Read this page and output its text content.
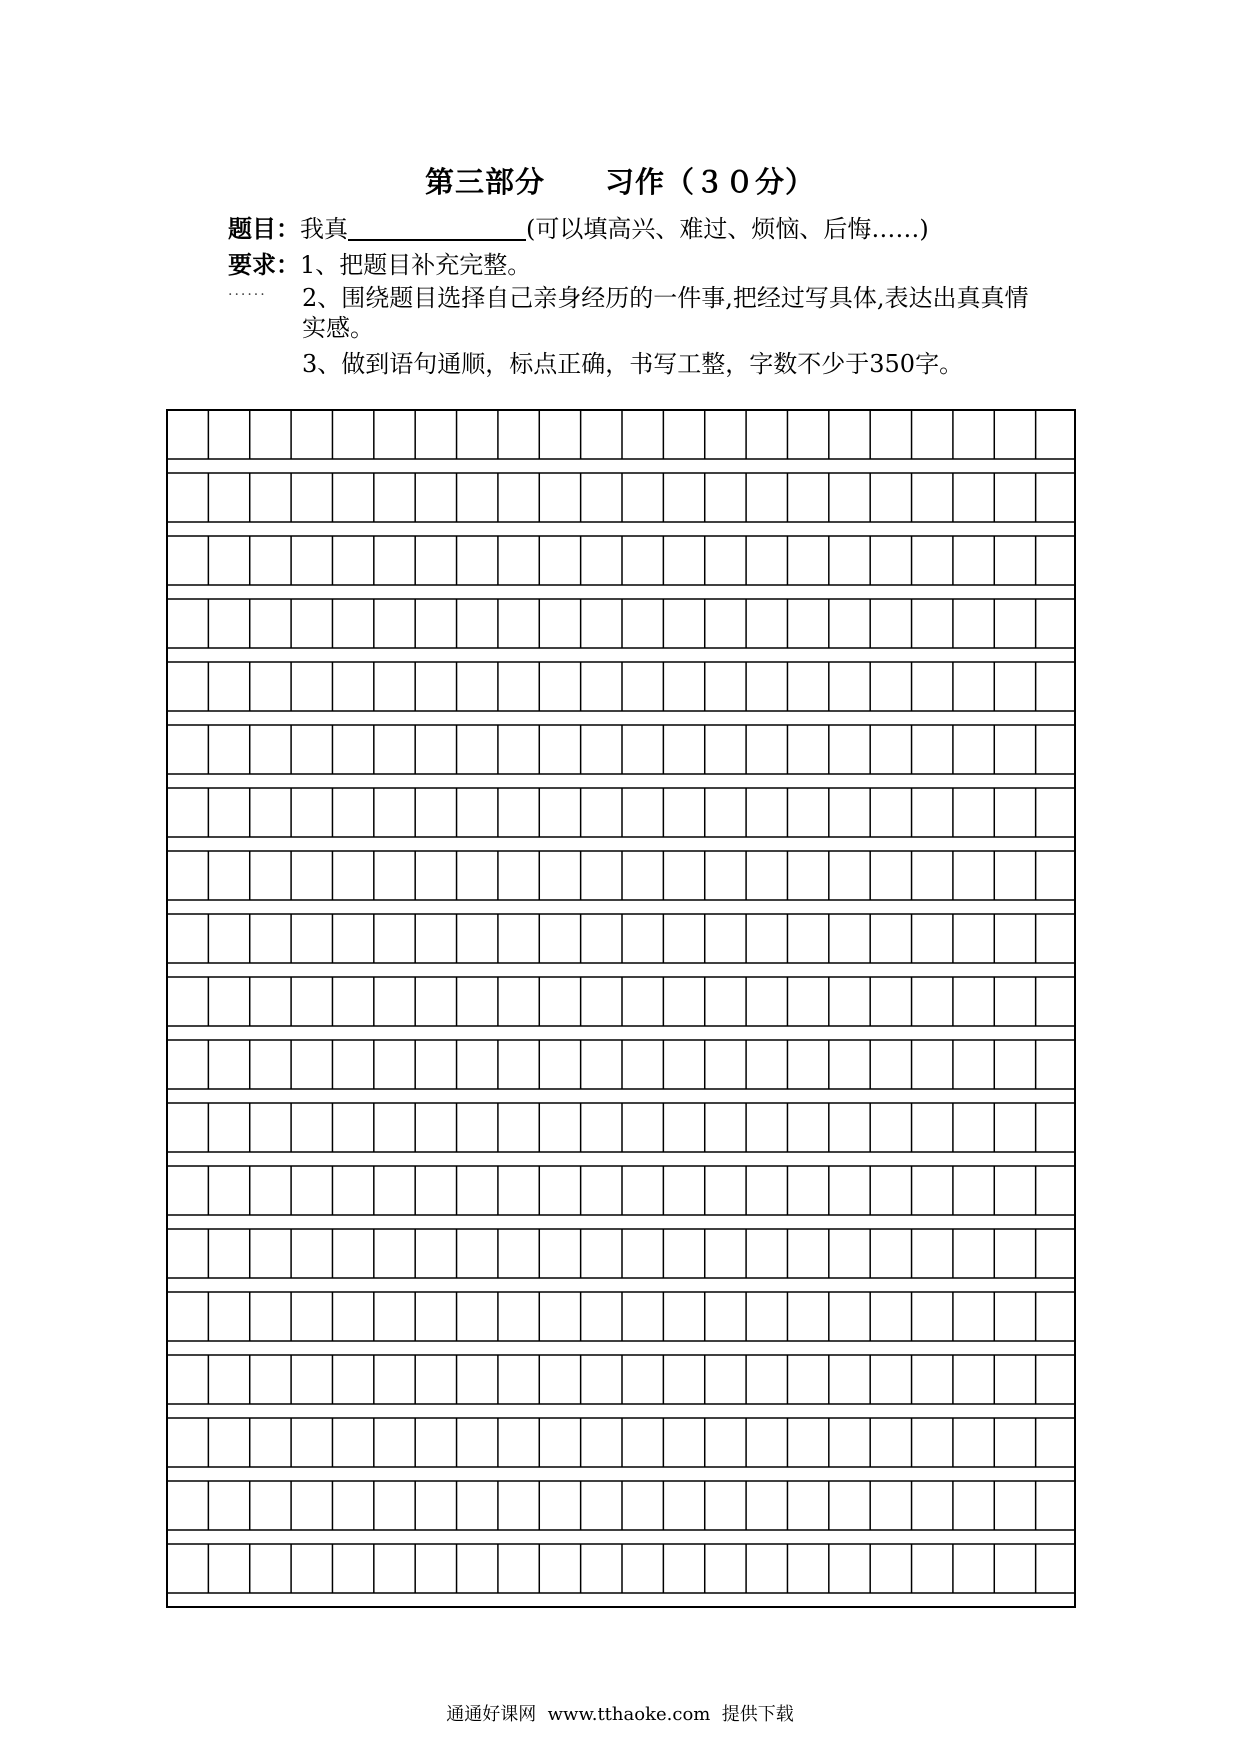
第三部分　　习作（３０分）
题目：我真	(可以填高兴、难过、烦恼、后悔……)
要求：1、把题目补充完整。
...... 2、围绕题目选择自己亲身经历的一件事,把经过写具体,表达出真真情
实感。
3、做到语句通顺，标点正确，书写工整，字数不少于350字。
通通好课网  www.tthaoke.com  提供下载
